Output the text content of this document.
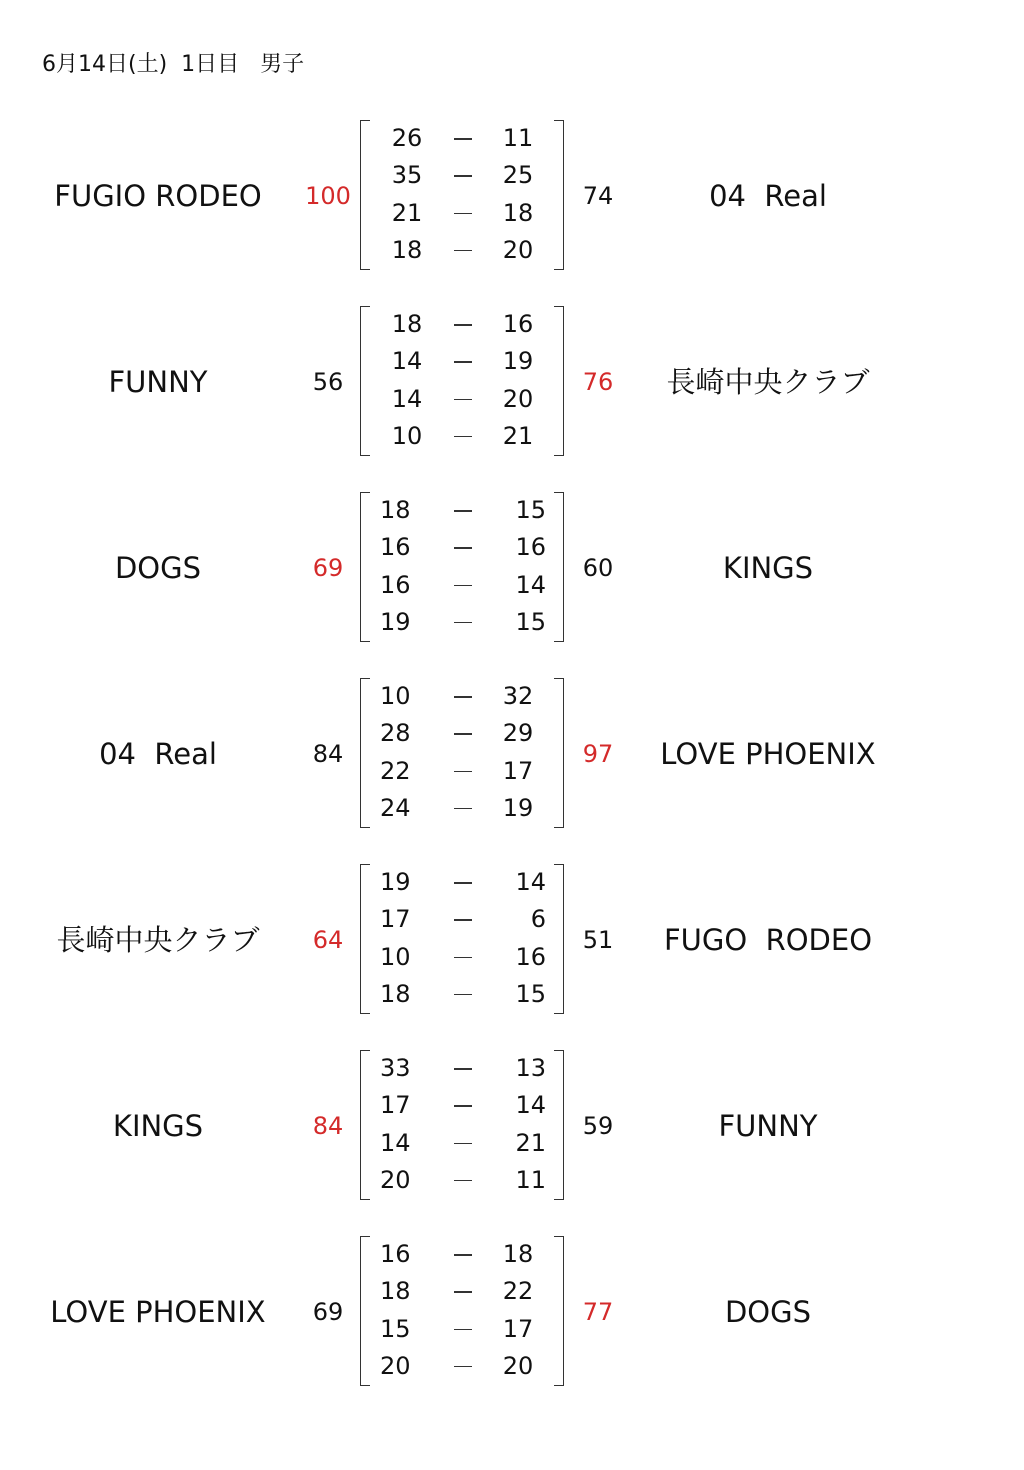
6月14日(土)  1日目   男子
FUGIO RODEO	100
26	11
35	25
21	18
18	20
74	04  Real
FUNNY	56
18	16
14	19
14	20
10	21
76	長崎中央クラブ
DOGS	69
18	15
16	16
16	14
19	15
60	KINGS
04  Real	84
10	32
28	29
22	17
24	19
97	LOVE PHOENIX
長崎中央クラブ	64
19	14
17	6
10	16
18	15
51	FUGO  RODEO
KINGS	84
33	13
17	14
14	21
20	11
59	FUNNY
LOVE PHOENIX	69
16	18
18	22
15	17
20	20
77	DOGS
